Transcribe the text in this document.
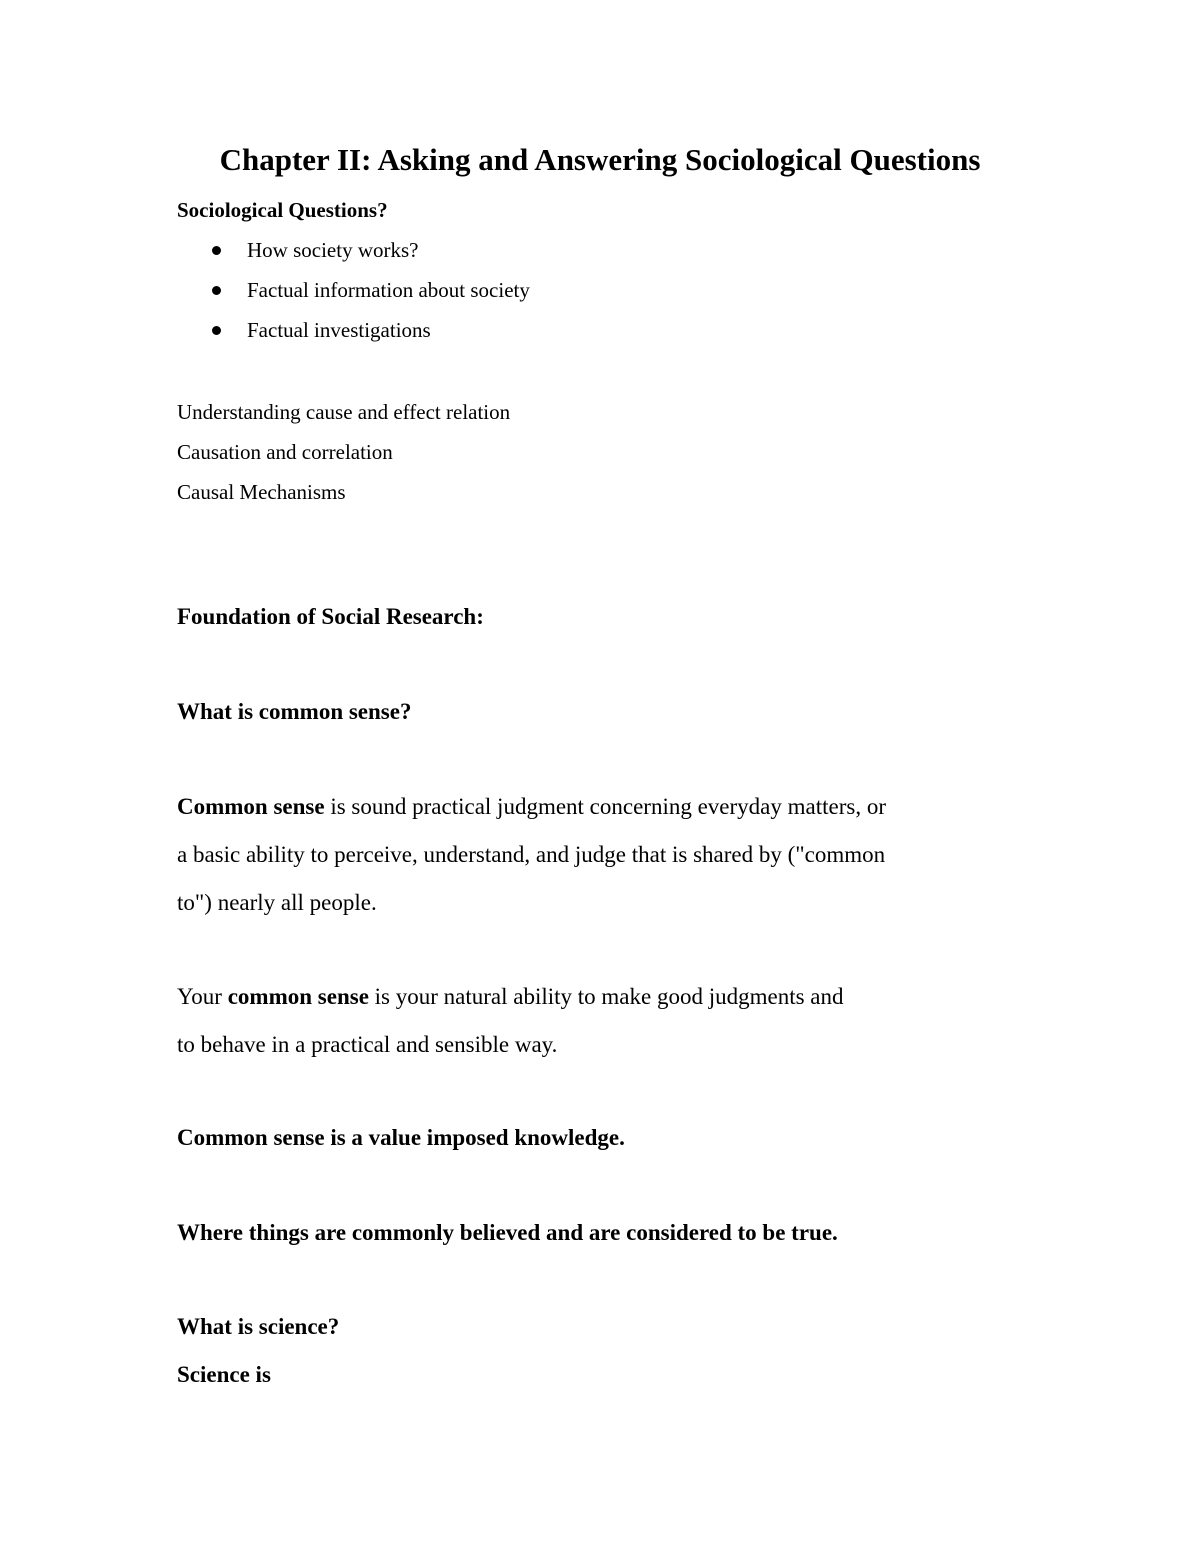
Chapter II: Asking and Answering Sociological Questions
Sociological Questions?
How society works?
Factual information about society
Factual investigations
Understanding cause and effect relation
Causation and correlation
Causal Mechanisms
Foundation of Social Research:
What is common sense?
Common sense is sound practical judgment concerning everyday matters, or
a basic ability to perceive, understand, and judge that is shared by ("common
to") nearly all people.
Your common sense is your natural ability to make good judgments and
to behave in a practical and sensible way.
Common sense is a value imposed knowledge.
Where things are commonly believed and are considered to be true.
What is science?
Science is
